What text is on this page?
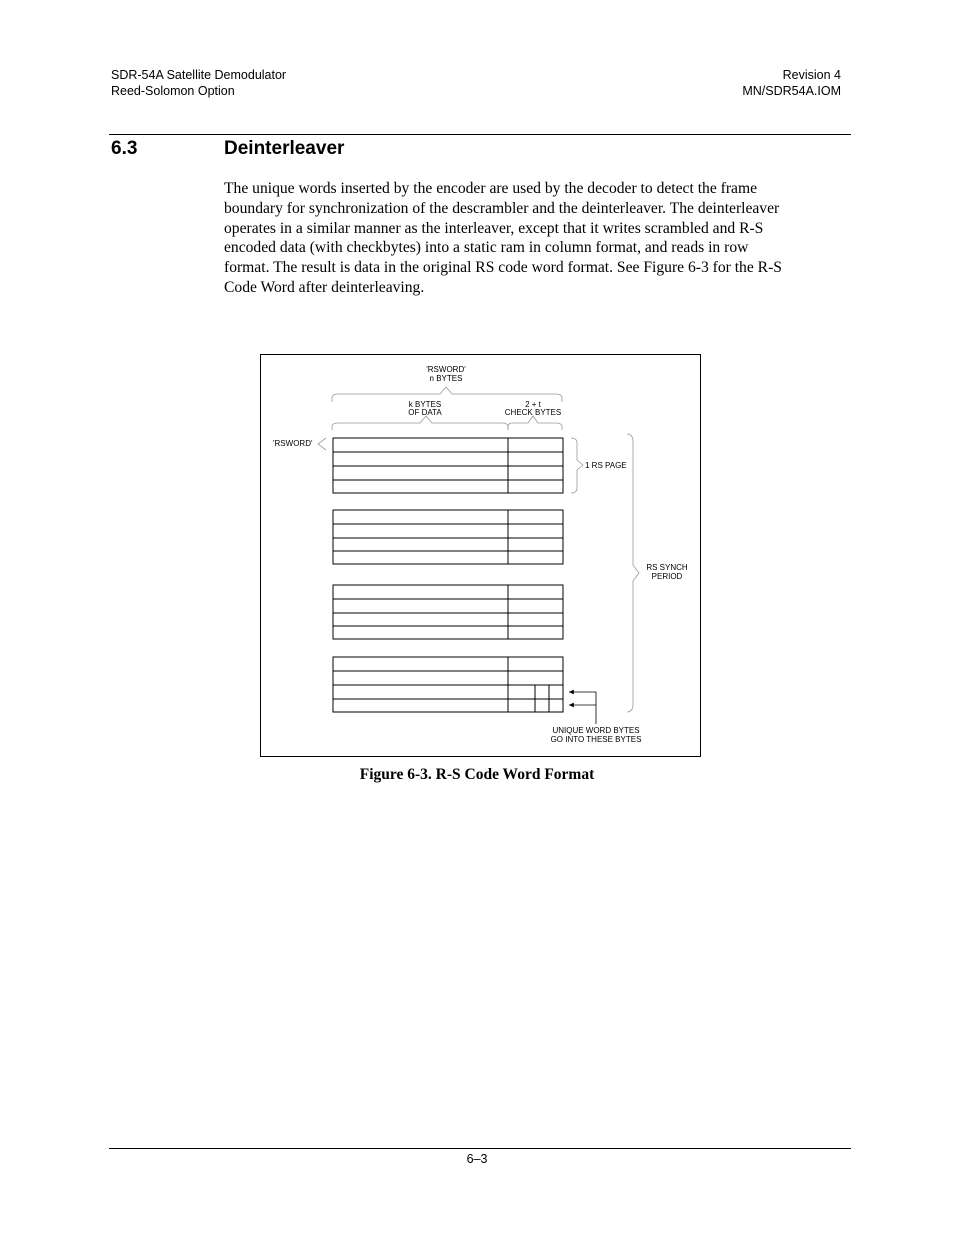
SDR-54A Satellite Demodulator
Reed-Solomon Option
Revision 4
MN/SDR54A.IOM
6.3	Deinterleaver
The unique words inserted by the encoder are used by the decoder to detect the frame
boundary for synchronization of the descrambler and the deinterleaver. The deinterleaver
operates in a similar manner as the interleaver, except that it writes scrambled and R-S
encoded data (with checkbytes) into a static ram in column format, and reads in row
format. The result is data in the original RS code word format. See Figure 6-3 for the R-S
Code Word after deinterleaving.
'RSWORD'
n BYTES
k BYTES
OF DATA
2 + t
CHECK BYTES
'RSWORD'
1 RS PAGE
RS SYNCH
PERIOD
UNIQUE WORD BYTES
GO INTO THESE BYTES
Figure 6-3. R-S Code Word Format
6–3
